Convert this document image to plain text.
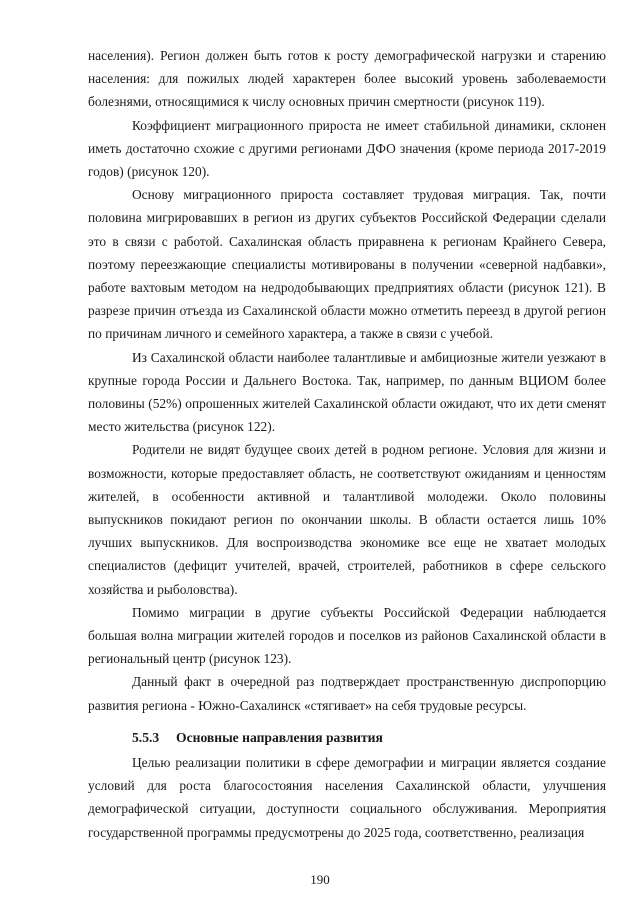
населения). Регион должен быть готов к росту демографической нагрузки и старению населения: для пожилых людей характерен более высокий уровень заболеваемости болезнями, относящимися к числу основных причин смертности (рисунок 119).

Коэффициент миграционного прироста не имеет стабильной динамики, склонен иметь достаточно схожие с другими регионами ДФО значения (кроме периода 2017-2019 годов) (рисунок 120).

Основу миграционного прироста составляет трудовая миграция. Так, почти половина мигрировавших в регион из других субъектов Российской Федерации сделали это в связи с работой. Сахалинская область приравнена к регионам Крайнего Севера, поэтому переезжающие специалисты мотивированы в получении «северной надбавки», работе вахтовым методом на недродобывающих предприятиях области (рисунок 121). В разрезе причин отъезда из Сахалинской области можно отметить переезд в другой регион по причинам личного и семейного характера, а также в связи с учебой.

Из Сахалинской области наиболее талантливые и амбициозные жители уезжают в крупные города России и Дальнего Востока. Так, например, по данным ВЦИОМ более половины (52%) опрошенных жителей Сахалинской области ожидают, что их дети сменят место жительства (рисунок 122).

Родители не видят будущее своих детей в родном регионе. Условия для жизни и возможности, которые предоставляет область, не соответствуют ожиданиям и ценностям жителей, в особенности активной и талантливой молодежи. Около половины выпускников покидают регион по окончании школы. В области остается лишь 10% лучших выпускников. Для воспроизводства экономике все еще не хватает молодых специалистов (дефицит учителей, врачей, строителей, работников в сфере сельского хозяйства и рыболовства).

Помимо миграции в другие субъекты Российской Федерации наблюдается большая волна миграции жителей городов и поселков из районов Сахалинской области в региональный центр (рисунок 123).

Данный факт в очередной раз подтверждает пространственную диспропорцию развития региона - Южно-Сахалинск «стягивает» на себя трудовые ресурсы.

5.5.3 Основные направления развития

Целью реализации политики в сфере демографии и миграции является создание условий для роста благосостояния населения Сахалинской области, улучшения демографической ситуации, доступности социального обслуживания. Мероприятия государственной программы предусмотрены до 2025 года, соответственно, реализация

190
